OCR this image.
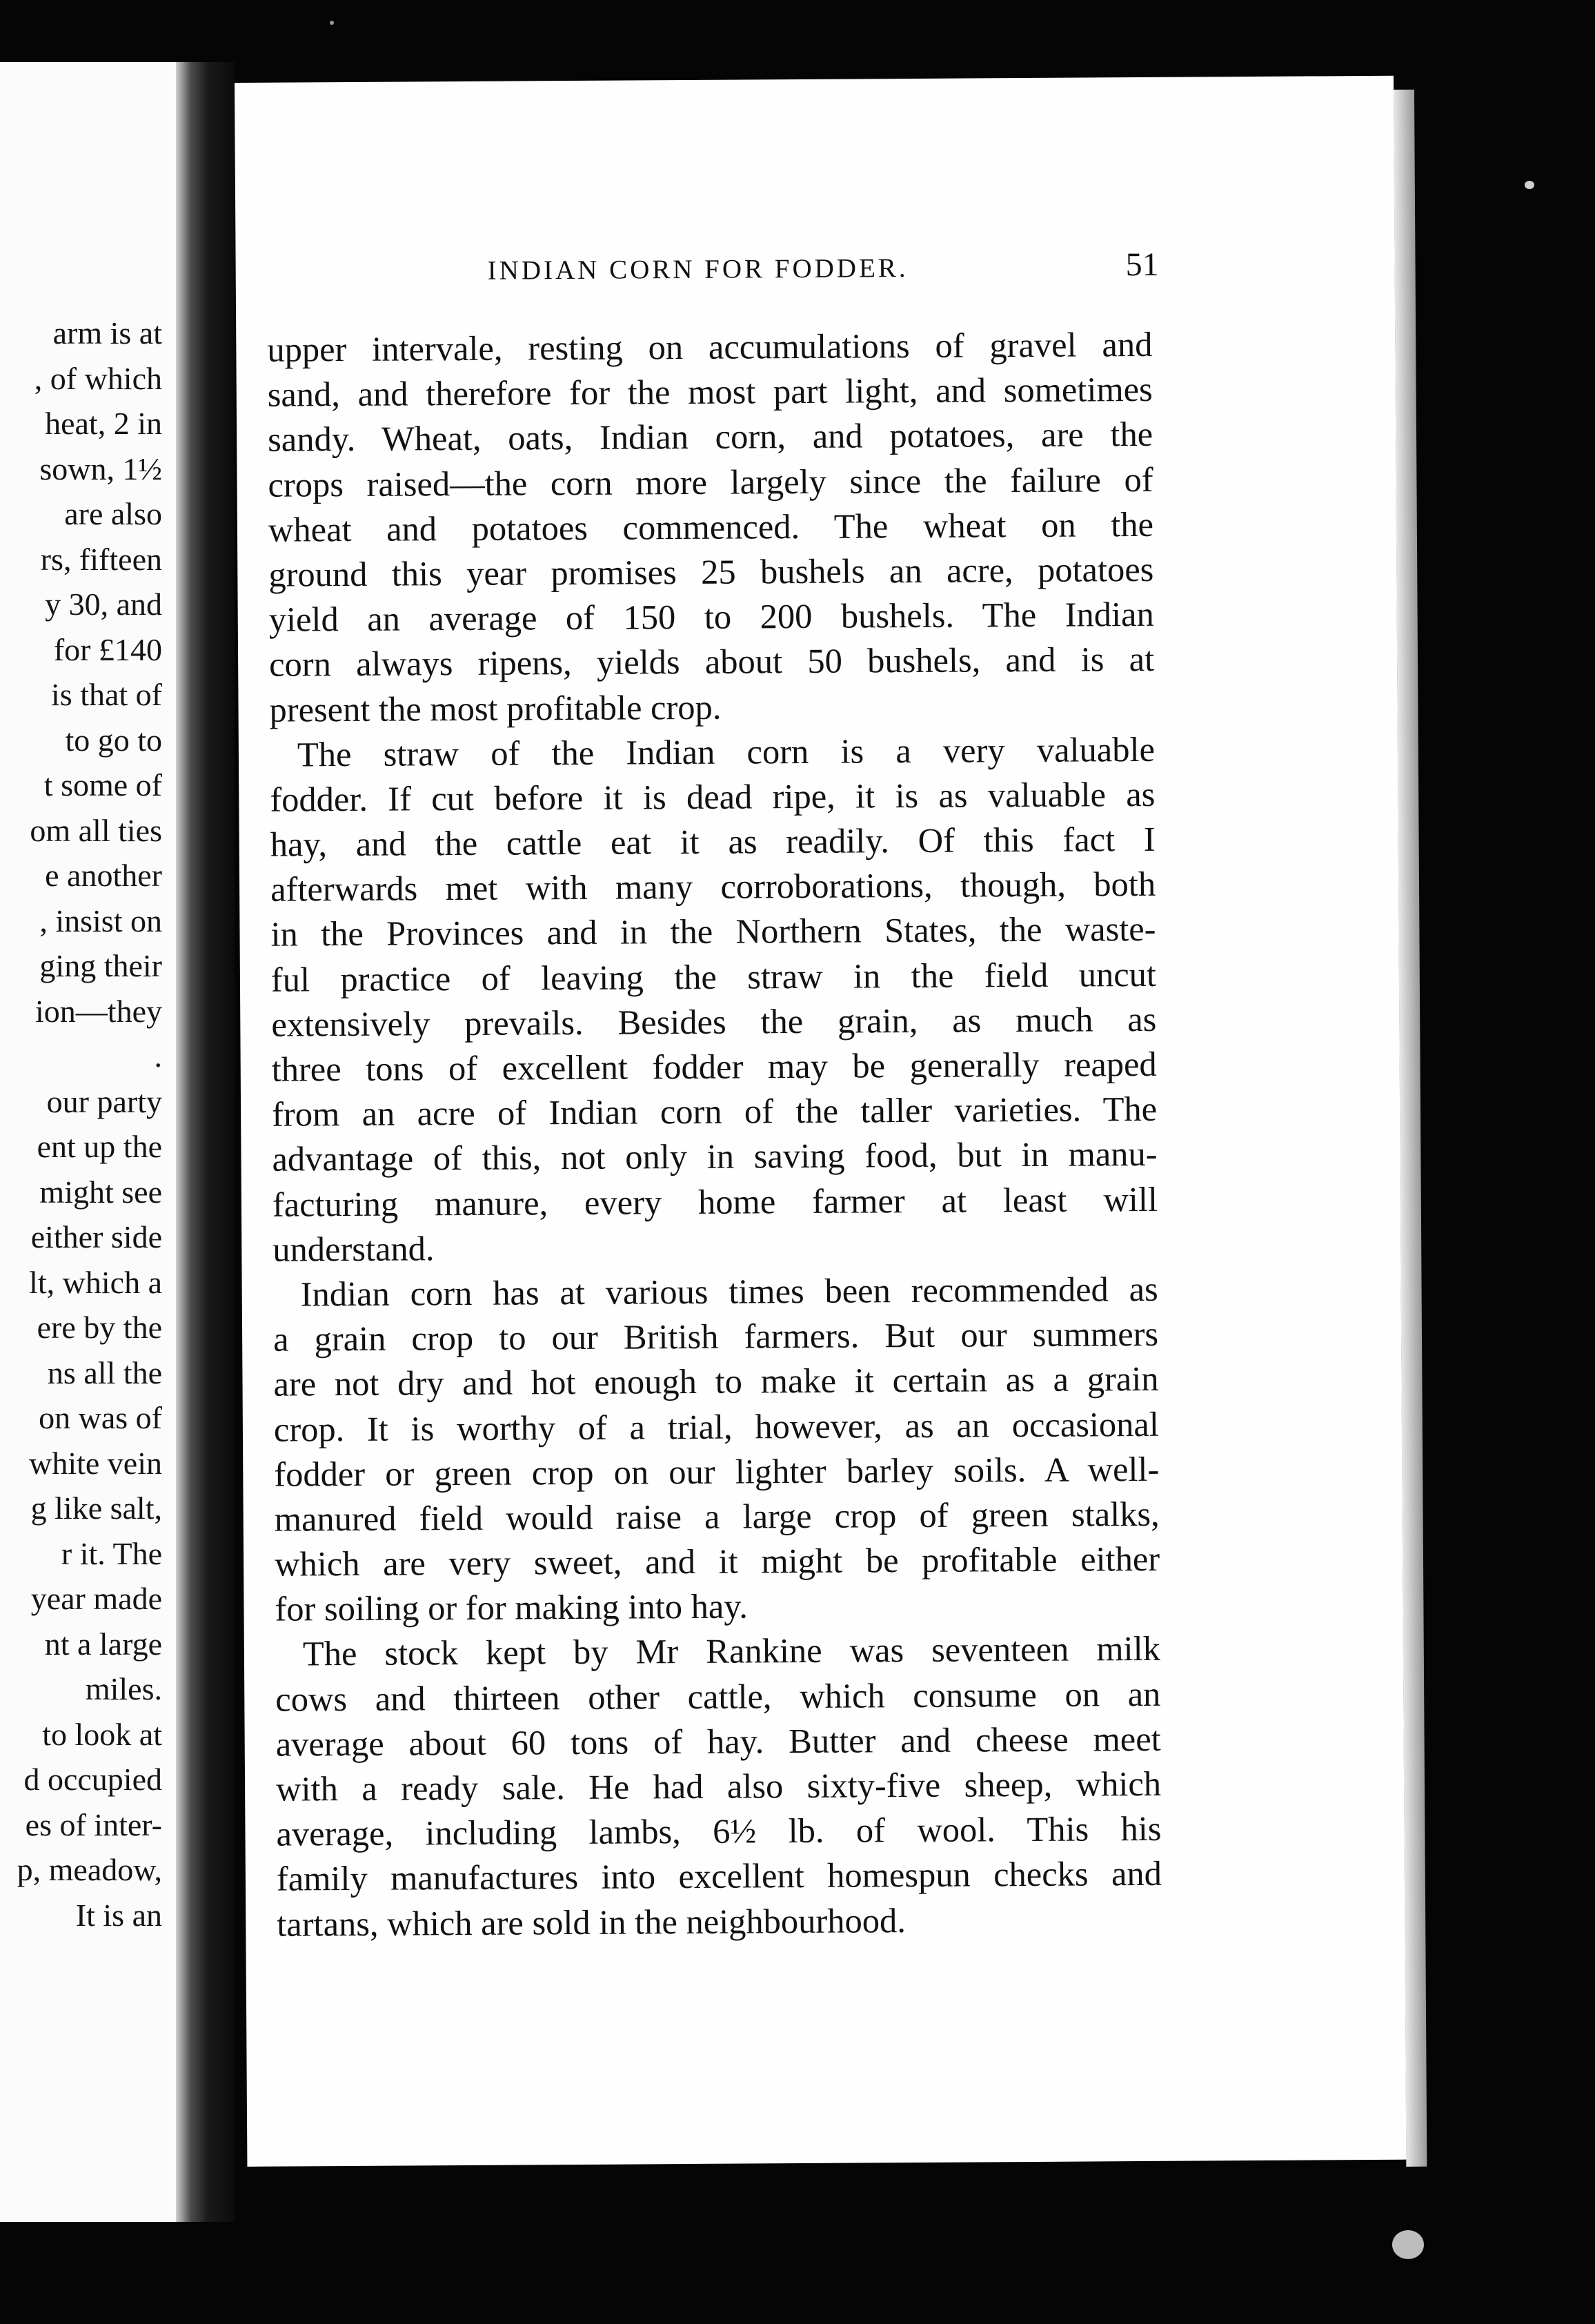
arm is at
, of which
heat, 2 in
sown, 1½
are also
rs, fifteen
y 30, and
for £140
is that of
to go to
t some of
om all ties
e another
, insist on
ging their
ion—they
.
our party
ent up the
might see
either side
lt, which a
ere by the
ns all the
on was of
white vein
g like salt,
r it. The
year made
nt a large
miles.
to look at
d occupied
es of inter-
p, meadow,
It is an
INDIAN CORN FOR FODDER.	51
upper intervale, resting on accumulations of gravel and
sand, and therefore for the most part light, and sometimes
sandy. Wheat, oats, Indian corn, and potatoes, are the
crops raised—the corn more largely since the failure of
wheat and potatoes commenced. The wheat on the
ground this year promises 25 bushels an acre, potatoes
yield an average of 150 to 200 bushels. The Indian
corn always ripens, yields about 50 bushels, and is at
present the most profitable crop.
The straw of the Indian corn is a very valuable
fodder. If cut before it is dead ripe, it is as valuable as
hay, and the cattle eat it as readily. Of this fact I
afterwards met with many corroborations, though, both
in the Provinces and in the Northern States, the waste-
ful practice of leaving the straw in the field uncut
extensively prevails. Besides the grain, as much as
three tons of excellent fodder may be generally reaped
from an acre of Indian corn of the taller varieties. The
advantage of this, not only in saving food, but in manu-
facturing manure, every home farmer at least will
understand.
Indian corn has at various times been recommended as
a grain crop to our British farmers. But our summers
are not dry and hot enough to make it certain as a grain
crop. It is worthy of a trial, however, as an occasional
fodder or green crop on our lighter barley soils. A well-
manured field would raise a large crop of green stalks,
which are very sweet, and it might be profitable either
for soiling or for making into hay.
The stock kept by Mr Rankine was seventeen milk
cows and thirteen other cattle, which consume on an
average about 60 tons of hay. Butter and cheese meet
with a ready sale. He had also sixty-five sheep, which
average, including lambs, 6½ lb. of wool. This his
family manufactures into excellent homespun checks and
tartans, which are sold in the neighbourhood.
